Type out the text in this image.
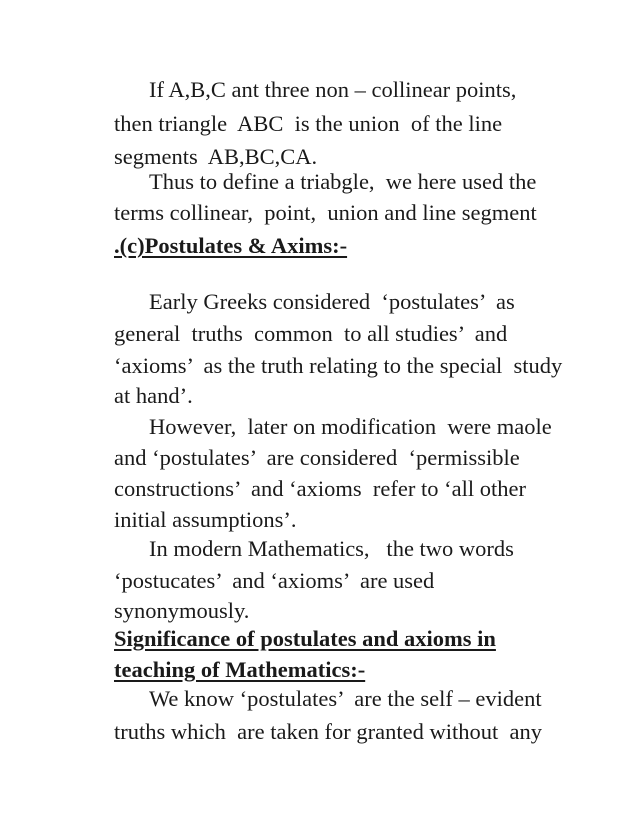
If A,B,C ant three non – collinear points,
then triangle  ABC  is the union  of the line
segments  AB,BC,CA.
Thus to define a triabgle,  we here used the
terms collinear,  point,  union and line segment
.(c)Postulates & Axims:-
Early Greeks considered  ‘postulates’  as
general  truths  common  to all studies’  and
‘axioms’  as the truth relating to the special  study
at hand’.
However,  later on modification  were maole
and ‘postulates’  are considered  ‘permissible
constructions’  and ‘axioms  refer to ‘all other
initial assumptions’.
In modern Mathematics,   the two words
‘postucates’  and ‘axioms’  are used
synonymously.
Significance of postulates and axioms in
teaching of Mathematics:-
We know ‘postulates’  are the self – evident
truths which  are taken for granted without  any
